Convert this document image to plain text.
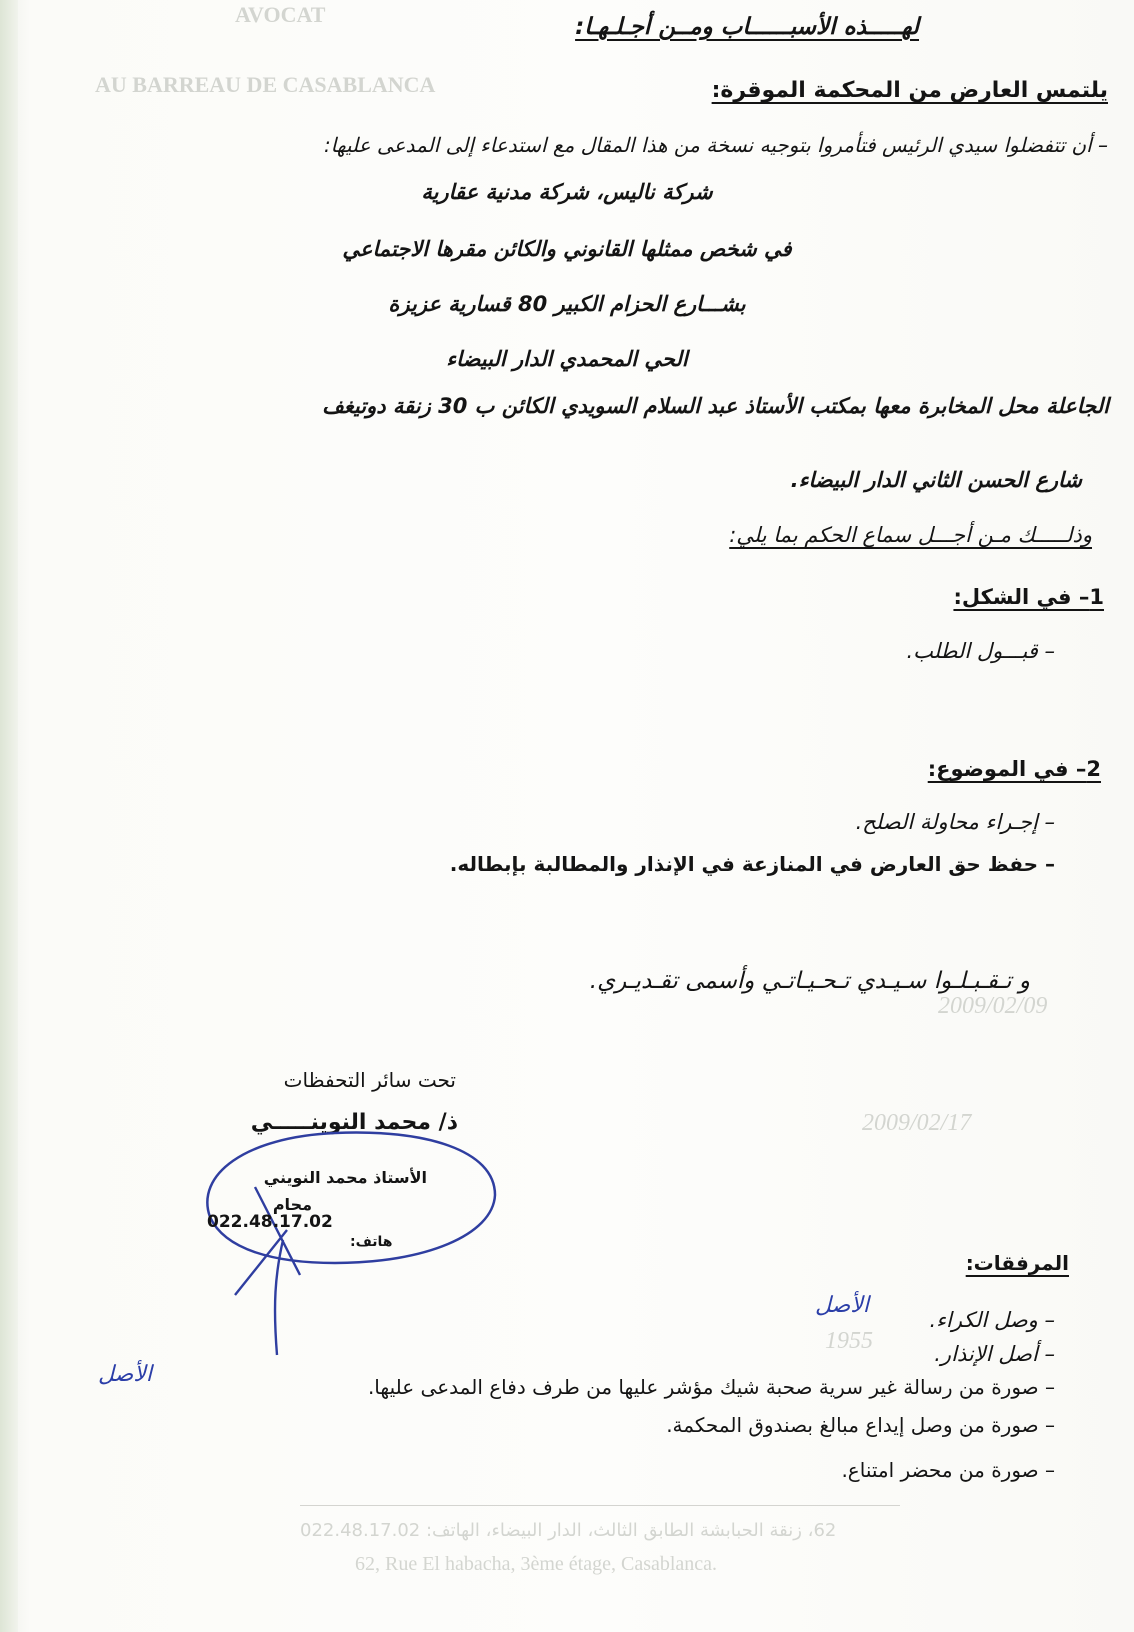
AVOCAT
AU BARREAU DE CASABLANCA
2009/02/09
2009/02/17
1955
62، زنقة الحبابشة الطابق الثالث، الدار البيضاء، الهاتف: 022.48.17.02
62, Rue El habacha, 3ème étage, Casablanca.
لهـــــذه الأسبــــــاب ومــن أجـلـهـا:
يلتمس العارض من المحكمة الموقرة:
– أن تتفضلوا سيدي الرئيس فتأمروا بتوجيه نسخة من هذا المقال مع استدعاء إلى المدعى عليها:
شركة ناليس، شركة مدنية عقارية
في شخص ممثلها القانوني والكائن مقرها الاجتماعي
بشـــارع الحزام الكبير 80 قسارية عزيزة
الحي المحمدي الدار البيضاء
الجاعلة محل المخابرة معها بمكتب الأستاذ عبد السلام السويدي الكائن ب 30 زنقة دوتيغف
شارع الحسن الثاني الدار البيضاء.
وذلـــــك مـن أجـــل سماع الحكم بما يلي:
1– في الشكل:
– قبـــول الطلب.
2– في الموضوع:
– إجـراء محاولة الصلح.
– حفظ حق العارض في المنازعة في الإنذار والمطالبة بإبطاله.
و تـقـبـلـوا سـيـدي تـحـيـاتـي وأسمى تقـديـري.
تحت سائر التحفظات
ذ/ محمد النوينـــــي
الأستاذ محمد النويني
محام
022.48.17.02
هاتف:
المرفقات:
الأصل
– وصل الكراء.
– أصل الإنذار.
الأصل	– صورة من رسالة غير سرية صحبة شيك مؤشر عليها من طرف دفاع المدعى عليها.
– صورة من وصل إيداع مبالغ بصندوق المحكمة.
– صورة من محضر امتناع.
